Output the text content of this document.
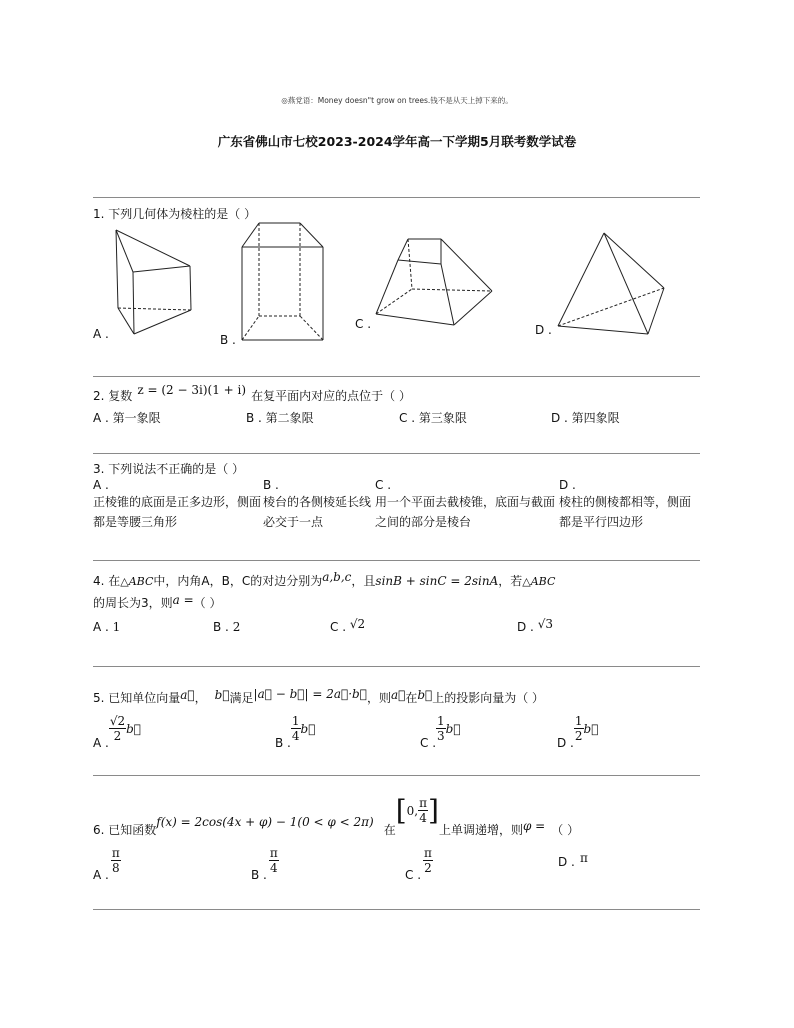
◎燕党语：Money doesn"t grow on trees.钱不是从天上掉下来的。
广东省佛山市七校2023-2024学年高一下学期5月联考数学试卷
1. 下列几何体为棱柱的是（ ）
A .	B .
C .	D .
2. 复数 $^{z = (2 - 3i)(1 + i)}$ 在复平面内对应的点位于（ ）
A . 第一象限	B . 第二象限	C . 第三象限	D . 第四象限
3. 下列说法不正确的是（ ）
A .
正棱锥的底面是正多边形，侧面都是等腰三角形
B .
棱台的各侧棱延长线必交于一点
C .
用一个平面去截棱锥，底面与截面之间的部分是棱台
D .
棱柱的侧棱都相等，侧面都是平行四边形
4. 在△ABC中，内角A，B，C的对边分别为$^{a,b,c}$，且sinB + sinC = 2sinA，若△ABC
的周长为3，则a =（ ）
A . 1	B . 2	C . √2	D . √3
5. 已知单位向量a⃗， b⃗满足$^{|a⃗ - b⃗| = 2a⃗\cdot b⃗}$，则a⃗在b⃗上的投影向量为（ ）
$_{A .} \frac{√2}{2}$ b⃗
$_{B .} \frac{1}{4}$ b⃗
$_{C .} \frac{1}{3}$ b⃗
$_{D .} \frac{1}{2}$ b⃗
$_{6. 已知函数f(x) = 2cos(4x + \varphi) - 1(0 < \varphi < 2\pi)在}$
[ 0, $\frac{\pi}{4}$ ]
$_{上单调递增,则\varphi =}$ $_{( )}$
$_{A .} \frac{\pi}{8}$	$_{B .} \frac{\pi}{4}$	$_{C .} \frac{\pi}{2}$	D . $^\pi$
